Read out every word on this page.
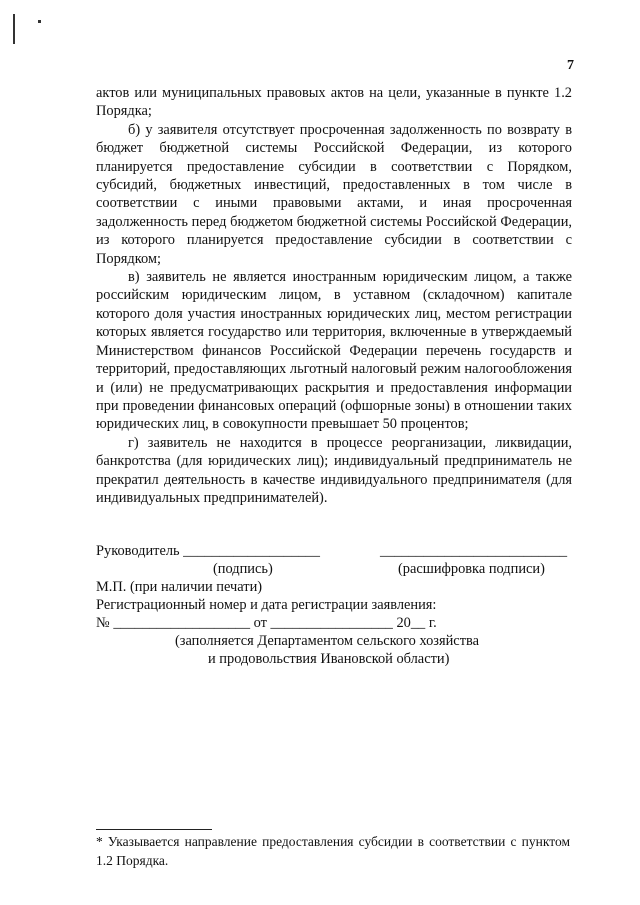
7

актов или муниципальных правовых актов на цели, указанные в пункте 1.2 Порядка;

б) у заявителя отсутствует просроченная задолженность по возврату в бюджет бюджетной системы Российской Федерации, из которого планируется предоставление субсидии в соответствии с Порядком, субсидий, бюджетных инвестиций, предоставленных в том числе в соответствии с иными правовыми актами, и иная просроченная задолженность перед бюджетом бюджетной системы Российской Федерации, из которого планируется предоставление субсидии в соответствии с Порядком;

в) заявитель не является иностранным юридическим лицом, а также российским юридическим лицом, в уставном (складочном) капитале которого доля участия иностранных юридических лиц, местом регистрации которых является государство или территория, включенные в утверждаемый Министерством финансов Российской Федерации перечень государств и территорий, предоставляющих льготный налоговый режим налогообложения и (или) не предусматривающих раскрытия и предоставления информации при проведении финансовых операций (офшорные зоны) в отношении таких юридических лиц, в совокупности превышает 50 процентов;

г) заявитель не находится в процессе реорганизации, ликвидации, банкротства (для юридических лиц); индивидуальный предприниматель не прекратил деятельность в качестве индивидуального предпринимателя (для индивидуальных предпринимателей).

Руководитель ___________________	__________________________
(подпись)	(расшифровка подписи)
М.П. (при наличии печати)
Регистрационный номер и дата регистрации заявления:
№ ___________________ от _________________ 20__ г.
(заполняется Департаментом сельского хозяйства
и продовольствия Ивановской области)
* Указывается направление предоставления субсидии в соответствии с пунктом 1.2 Порядка.
